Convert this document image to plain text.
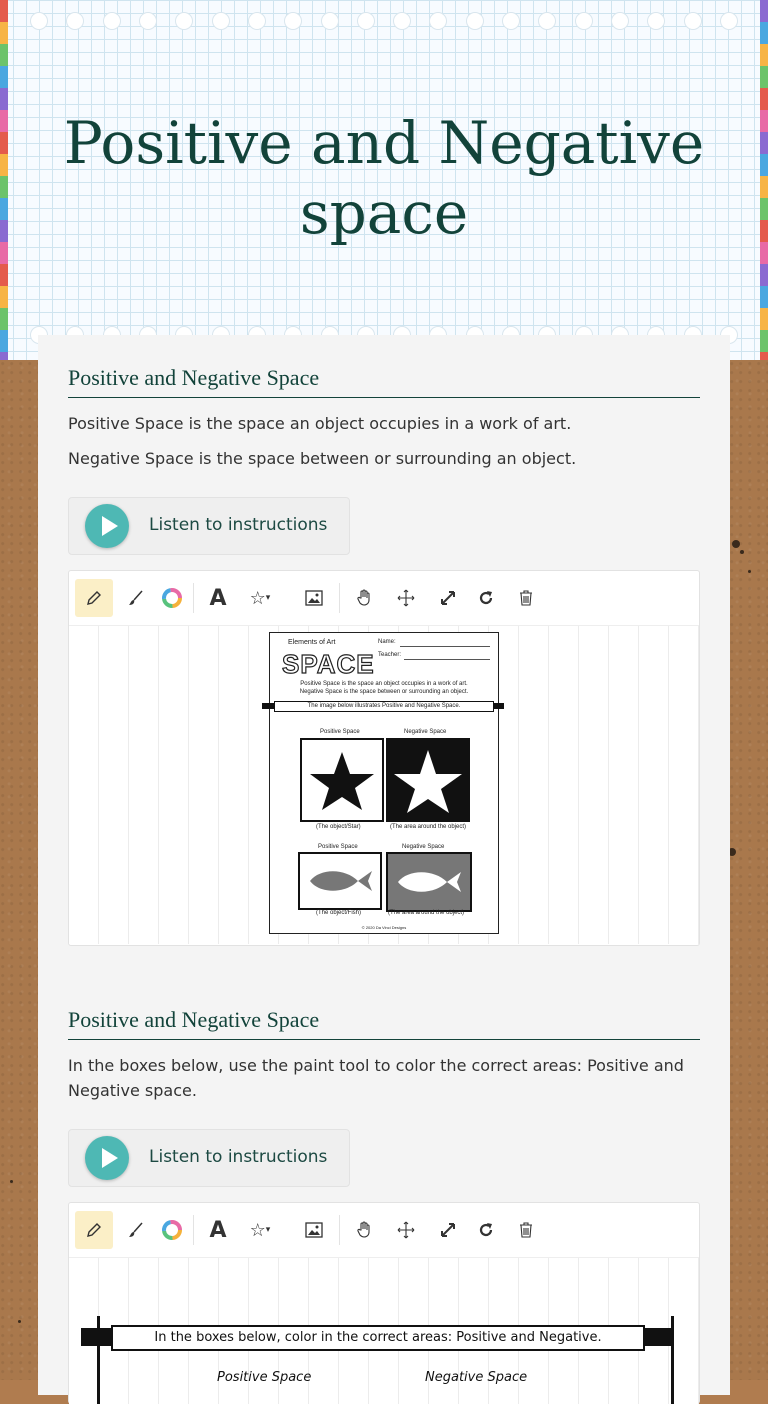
Positive and Negative space
Positive and Negative Space
Positive Space is the space an object occupies in a work of art.
Negative Space is the space between or surrounding an object.
Listen to instructions
A	☆ ▾
Elements of Art	Name:
Teacher:
SPACE
Positive Space is the space an object occupies in a work of art.
Negative Space is the space between or surrounding an object.
The image below illustrates Positive and Negative Space.
Positive Space	Negative Space
(The object/Star)	(The area around the object)
Positive Space	Negative Space
(The object/Fish)	(The area around the object)
© 2020 Da Vinci Designs
Positive and Negative Space
In the boxes below, use the paint tool to color the correct areas: Positive and Negative space.
Listen to instructions
A	☆ ▾
In the boxes below, color in the correct areas: Positive and Negative.
Positive Space	Negative Space
